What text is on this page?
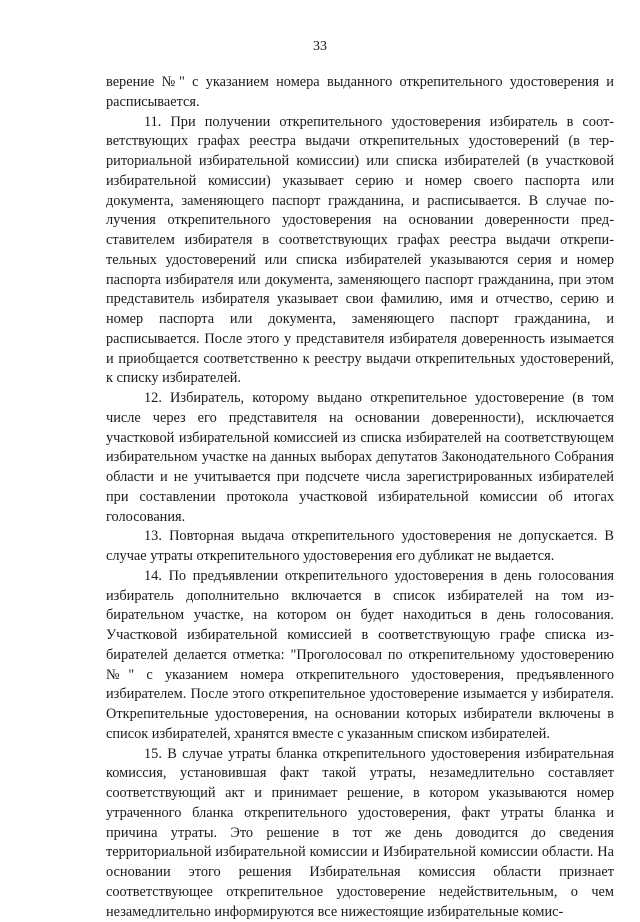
33

верение №" с указанием номера выданного открепительного удостоверения и расписывается.

11. При получении открепительного удостоверения избиратель в соответствующих графах реестра выдачи открепительных удостоверений (в территориальной избирательной комиссии) или списка избирателей (в участковой избирательной комиссии) указывает серию и номер своего паспорта или документа, заменяющего паспорт гражданина, и расписывается. В случае получения открепительного удостоверения на основании доверенности представителем избирателя в соответствующих графах реестра выдачи открепительных удостоверений или списка избирателей указываются серия и номер паспорта избирателя или документа, заменяющего паспорт гражданина, при этом представитель избирателя указывает свои фамилию, имя и отчество, серию и номер паспорта или документа, заменяющего паспорт гражданина, и расписывается. После этого у представителя избирателя доверенность изымается и приобщается соответственно к реестру выдачи открепительных удостоверений, к списку избирателей.

12. Избиратель, которому выдано открепительное удостоверение (в том числе через его представителя на основании доверенности), исключается участковой избирательной комиссией из списка избирателей на соответствующем избирательном участке на данных выборах депутатов Законодательного Собрания области и не учитывается при подсчете числа зарегистрированных избирателей при составлении протокола участковой избирательной комиссии об итогах голосования.

13. Повторная выдача открепительного удостоверения не допускается. В случае утраты открепительного удостоверения его дубликат не выдается.

14. По предъявлении открепительного удостоверения в день голосования избиратель дополнительно включается в список избирателей на том избирательном участке, на котором он будет находиться в день голосования. Участковой избирательной комиссией в соответствующую графе списка избирателей делается отметка: "Проголосовал по открепительному удостоверению №" с указанием номера открепительного удостоверения, предъявленного избирателем. После этого открепительное удостоверение изымается у избирателя. Открепительные удостоверения, на основании которых избиратели включены в список избирателей, хранятся вместе с указанным списком избирателей.

15. В случае утраты бланка открепительного удостоверения избирательная комиссия, установившая факт такой утраты, незамедлительно составляет соответствующий акт и принимает решение, в котором указываются номер утраченного бланка открепительного удостоверения, факт утраты бланка и причина утраты. Это решение в тот же день доводится до сведения территориальной избирательной комиссии и Избирательной комиссии области. На основании этого решения Избирательная комиссия области признает соответствующее открепительное удостоверение недействительным, о чем незамедлительно информируются все нижестоящие избирательные комис-
